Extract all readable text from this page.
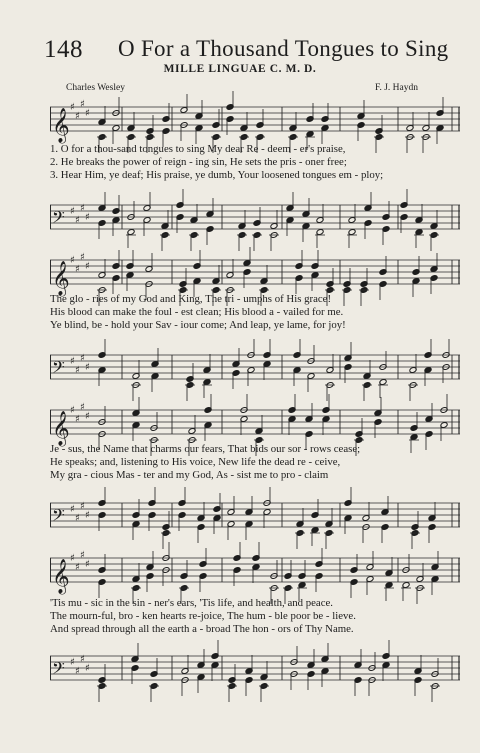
148 O For a Thousand Tongues to Sing
MILLE LINGUAE C. M. D.
Charles Wesley	F. J. Haydn
𝄞
♯
♯
♯
♯
1. O for a thou-sand tongues to sing My dear Re - deem - er's praise,
2. He breaks the power of reign - ing sin, He sets the pris - oner free;
3. Hear Him, ye deaf; His praise, ye dumb, Your loosened tongues em - ploy;
𝄢 ♯
♯
♯
♯
𝄞
♯
♯
♯
♯
The glo - ries of my God and King, The tri - umphs of His grace!
His blood can make the foul - est clean; His blood a - vailed for me.
Ye blind, be - hold your Sav - iour come; And leap, ye lame, for joy!
𝄢 ♯
♯
♯
♯
𝄞
♯
♯
♯
♯
Je - sus, the Name that charms our fears, That bids our sor - rows cease;
He speaks; and, listening to His voice, New life the dead re - ceive,
My gra - cious Mas - ter and my God, As - sist me to pro - claim
𝄢 ♯
♯
♯
♯
𝄞
♯
♯
♯
♯
'Tis mu - sic in the sin - ner's ears, 'Tis life, and health, and peace.
The mourn-ful, bro - ken hearts re-joice, The hum - ble poor be - lieve.
And spread through all the earth a - broad The hon - ors of Thy Name.
𝄢 ♯
♯
♯
♯
